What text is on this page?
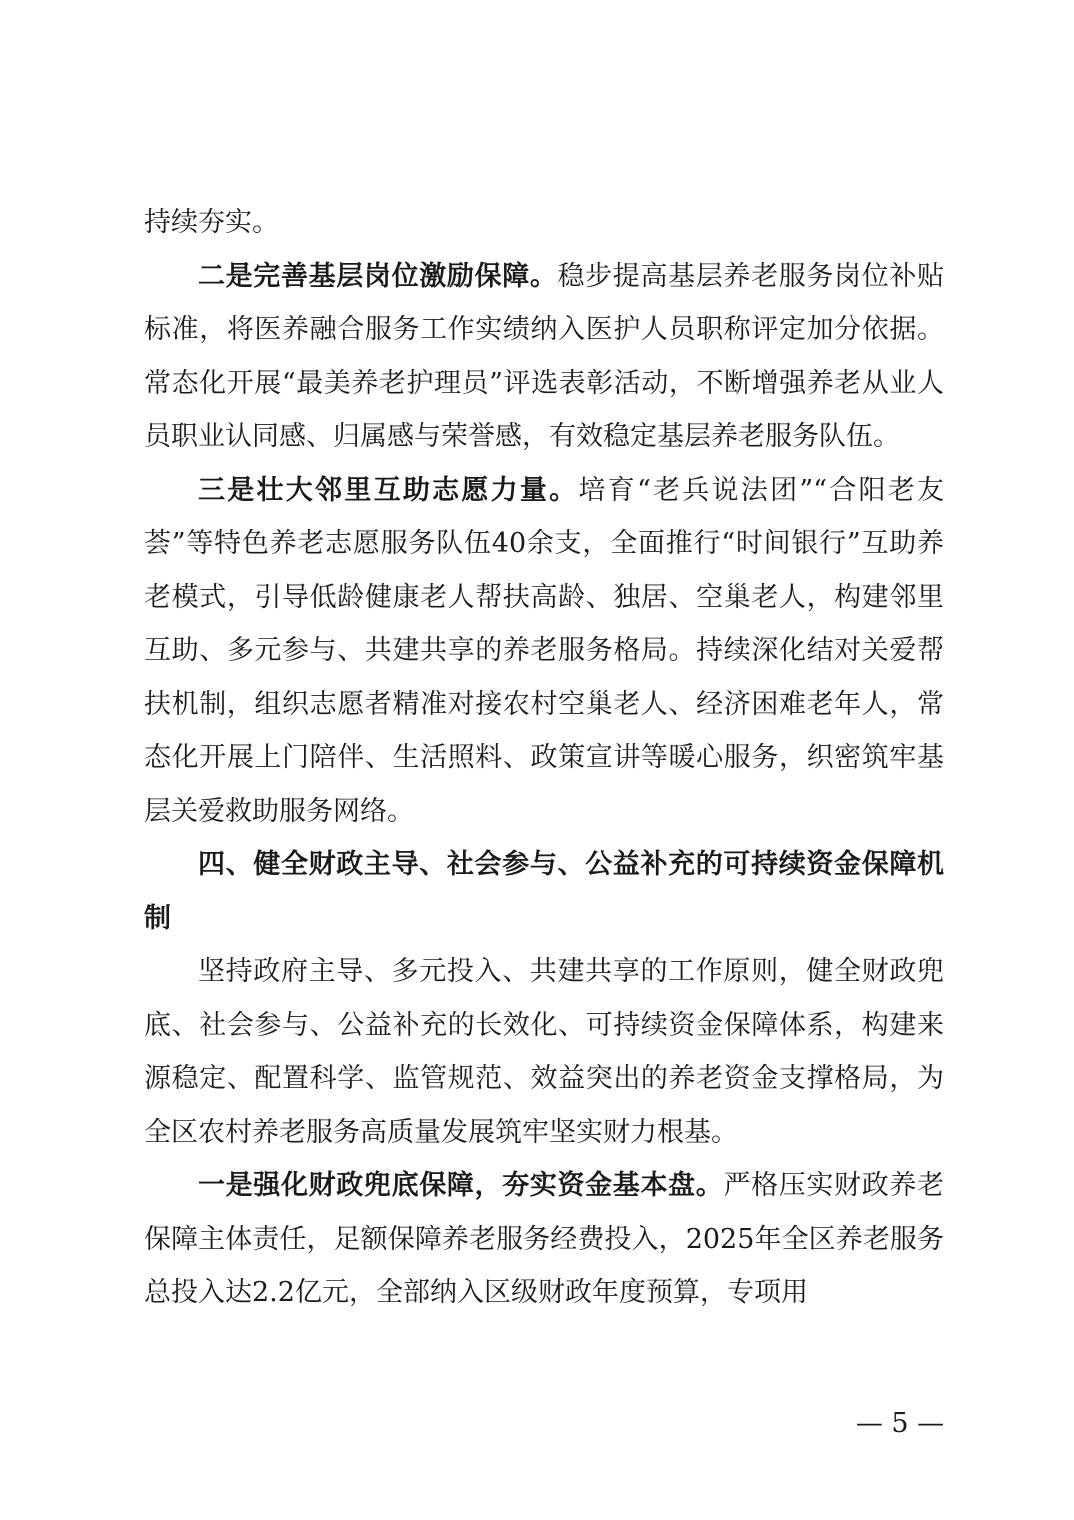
持续夯实。

二是完善基层岗位激励保障。稳步提高基层养老服务岗位补贴标准，将医养融合服务工作实绩纳入医护人员职称评定加分依据。常态化开展“最美养老护理员”评选表彰活动，不断增强养老从业人员职业认同感、归属感与荣誉感，有效稳定基层养老服务队伍。

三是壮大邻里互助志愿力量。培育“老兵说法团”“合阳老友荟”等特色养老志愿服务队伍40余支，全面推行“时间银行”互助养老模式，引导低龄健康老人帮扶高龄、独居、空巢老人，构建邻里互助、多元参与、共建共享的养老服务格局。持续深化结对关爱帮扶机制，组织志愿者精准对接农村空巢老人、经济困难老年人，常态化开展上门陪伴、生活照料、政策宣讲等暖心服务，织密筑牢基层关爱救助服务网络。

四、健全财政主导、社会参与、公益补充的可持续资金保障机制

坚持政府主导、多元投入、共建共享的工作原则，健全财政兜底、社会参与、公益补充的长效化、可持续资金保障体系，构建来源稳定、配置科学、监管规范、效益突出的养老资金支撑格局，为全区农村养老服务高质量发展筑牢坚实财力根基。

一是强化财政兜底保障，夯实资金基本盘。严格压实财政养老保障主体责任，足额保障养老服务经费投入，2025年全区养老服务总投入达2.2亿元，全部纳入区级财政年度预算，专项用

— 5 —
